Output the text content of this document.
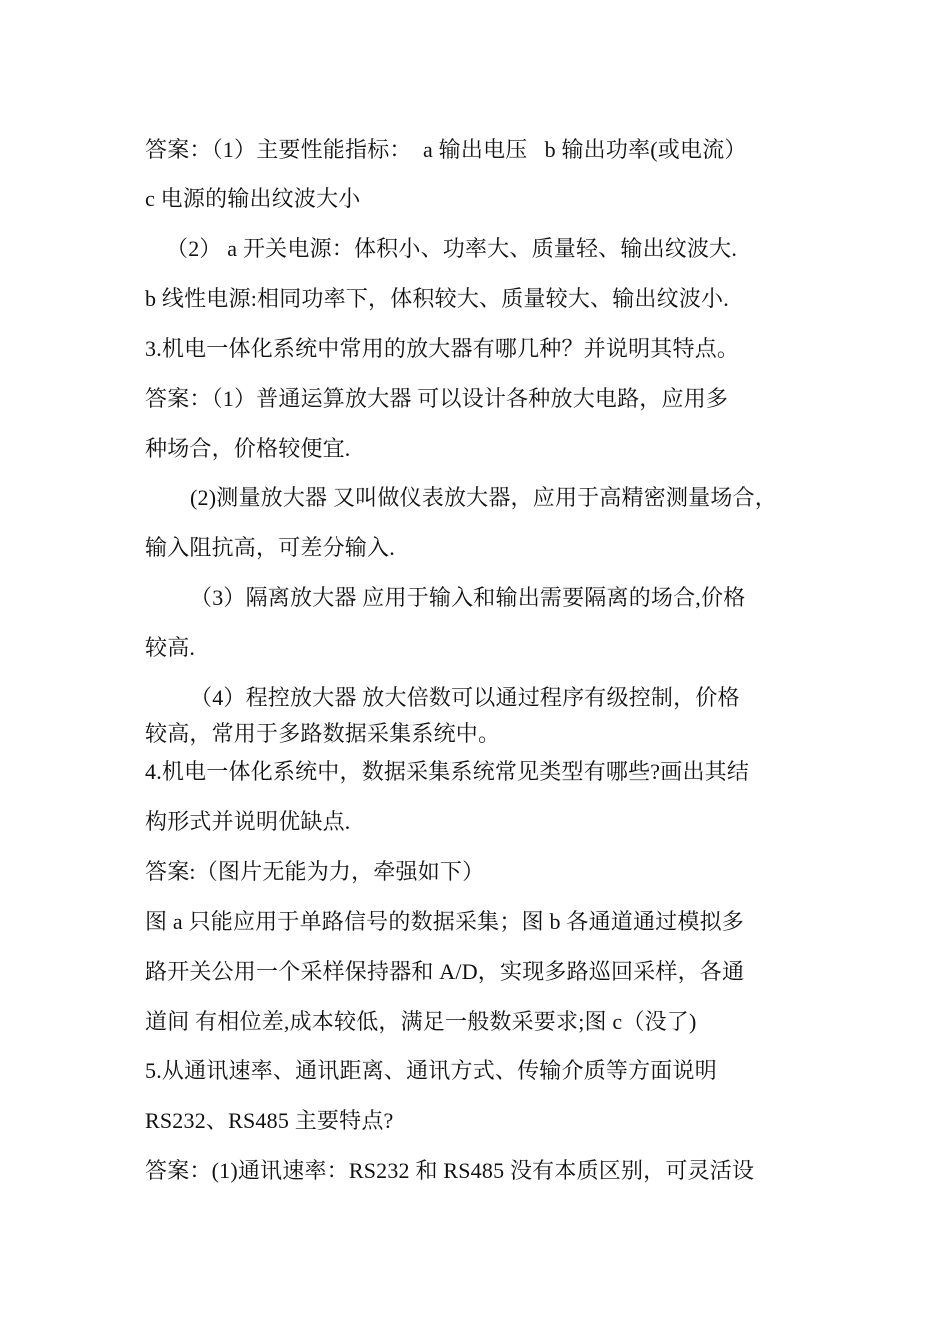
答案：（1）主要性能指标：  a 输出电压   b 输出功率(或电流）
c 电源的输出纹波大小
（2） a 开关电源：体积小、功率大、质量轻、输出纹波大.
b 线性电源:相同功率下，体积较大、质量较大、输出纹波小.
3.机电一体化系统中常用的放大器有哪几种？并说明其特点。
答案：（1）普通运算放大器 可以设计各种放大电路，应用多
种场合，价格较便宜.
(2)测量放大器 又叫做仪表放大器，应用于高精密测量场合，
输入阻抗高，可差分输入.
（3）隔离放大器 应用于输入和输出需要隔离的场合,价格
较高.
（4）程控放大器 放大倍数可以通过程序有级控制，价格
较高，常用于多路数据采集系统中。
4.机电一体化系统中，数据采集系统常见类型有哪些?画出其结
构形式并说明优缺点.
答案:（图片无能为力，牵强如下）
图 a 只能应用于单路信号的数据采集；图 b 各通道通过模拟多
路开关公用一个采样保持器和 A/D，实现多路巡回采样，各通
道间 有相位差,成本较低，满足一般数采要求;图 c（没了)
5.从通讯速率、通讯距离、通讯方式、传输介质等方面说明
RS232、RS485 主要特点?
答案：(1)通讯速率：RS232 和 RS485 没有本质区别，可灵活设
